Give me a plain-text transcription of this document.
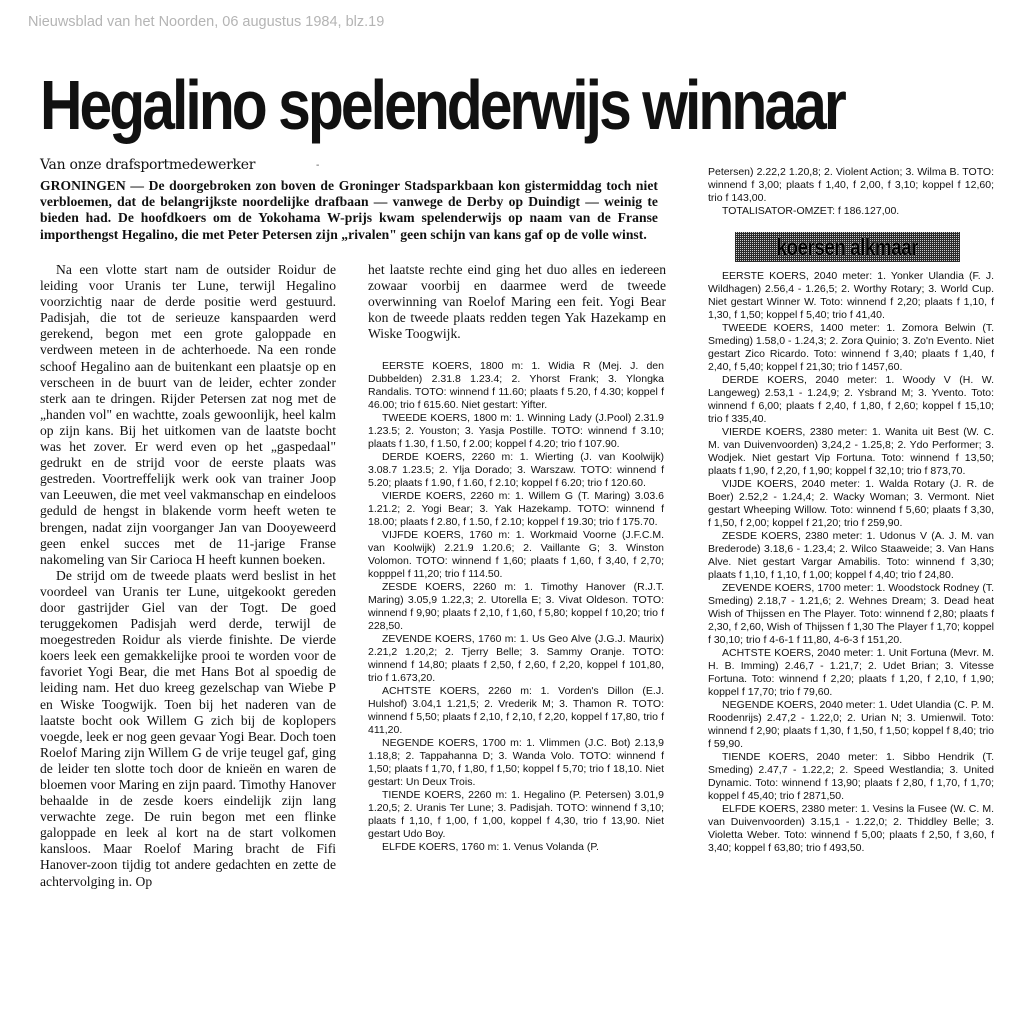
Nieuwsblad van het Noorden, 06 augustus 1984, blz.19
Hegalino spelenderwijs winnaar
Van onze drafsportmedewerker	-

GRONINGEN — De doorgebroken zon boven de Groninger Stadsparkbaan kon gistermiddag toch niet verbloemen, dat de belangrijkste noordelijke drafbaan — vanwege de Derby op Duindigt — weinig te bieden had. De hoofdkoers om de Yokohama W-prijs kwam spelenderwijs op naam van de Franse importhengst Hegalino, die met Peter Petersen zijn „rivalen" geen schijn van kans gaf op de volle winst.

Na een vlotte start nam de outsider Roidur de leiding voor Uranis ter Lune, terwijl Hegalino voorzichtig naar de derde positie werd gestuurd. Padisjah, die tot de serieuze kanspaarden werd gerekend, begon met een grote galoppade en verdween meteen in de achterhoede. Na een ronde schoof Hegalino aan de buitenkant een plaatsje op en verscheen in de buurt van de leider, echter zonder sterk aan te dringen. Rijder Petersen zat nog met de „handen vol" en wachtte, zoals gewoonlijk, heel kalm op zijn kans. Bij het uitkomen van de laatste bocht was het zover. Er werd even op het „gaspedaal" gedrukt en de strijd voor de eerste plaats was gestreden. Voortreffelijk werk ook van trainer Joop van Leeuwen, die met veel vakmanschap en eindeloos geduld de hengst in blakende vorm heeft weten te brengen, nadat zijn voorganger Jan van Dooyeweerd geen enkel succes met de 11-jarige Franse nakomeling van Sir Carioca H heeft kunnen boeken.

De strijd om de tweede plaats werd beslist in het voordeel van Uranis ter Lune, uitgekookt gereden door gastrijder Giel van der Togt. De goed teruggekomen Padisjah werd derde, terwijl de moegestreden Roidur als vierde finishte. De vierde koers leek een gemakkelijke prooi te worden voor de favoriet Yogi Bear, die met Hans Bot al spoedig de leiding nam. Het duo kreeg gezelschap van Wiebe P en Wiske Toogwijk. Toen bij het naderen van de laatste bocht ook Willem G zich bij de koplopers voegde, leek er nog geen gevaar Yogi Bear. Doch toen Roelof Maring zijn Willem G de vrije teugel gaf, ging de leider ten slotte toch door de knieën en waren de bloemen voor Maring en zijn paard. Timothy Hanover behaalde in de zesde koers eindelijk zijn lang verwachte zege. De ruin begon met een flinke galoppade en leek al kort na de start volkomen kansloos. Maar Roelof Maring bracht de Fifi Hanover-zoon tijdig tot andere gedachten en zette de achtervolging in. Op

het laatste rechte eind ging het duo alles en iedereen zowaar voorbij en daarmee werd de tweede overwinning van Roelof Maring een feit. Yogi Bear kon de tweede plaats redden tegen Yak Hazekamp en Wiske Toogwijk.

EERSTE KOERS, 1800 m: 1. Widia R (Mej. J. den Dubbelden) 2.31.8 1.23.4; 2. Yhorst Frank; 3. Ylongka Randalis. TOTO: winnend f 11.60; plaats f 5.20, f 4.30; koppel f 46.00; trio f 615.60. Niet gestart: Yifter.

TWEEDE KOERS, 1800 m: 1. Winning Lady (J.Pool) 2.31.9 1.23.5; 2. Youston; 3. Yasja Postille. TOTO: winnend f 3.10; plaats f 1.30, f 1.50, f 2.00; koppel f 4.20; trio f 107.90.

DERDE KOERS, 2260 m: 1. Wierting (J. van Koolwijk) 3.08.7 1.23.5; 2. Ylja Dorado; 3. Warszaw. TOTO: winnend f 5.20; plaats f 1.90, f 1.60, f 2.10; koppel f 6.20; trio f 120.60.

VIERDE KOERS, 2260 m: 1. Willem G (T. Maring) 3.03.6 1.21.2; 2. Yogi Bear; 3. Yak Hazekamp. TOTO: winnend f 18.00; plaats f 2.80, f 1.50, f 2.10; koppel f 19.30; trio f 175.70.

VIJFDE KOERS, 1760 m: 1. Workmaid Voorne (J.F.C.M. van Koolwijk) 2.21.9 1.20.6; 2. Vaillante G; 3. Winston Volomon. TOTO: winnend f 1,60; plaats f 1,60, f 3,40, f 2,70; kopppel f 11,20; trio f 114.50.

ZESDE KOERS, 2260 m: 1. Timothy Hanover (R.J.T. Maring) 3.05,9 1.22,3; 2. Utorella E; 3. Vivat Oldeson. TOTO: winnend f 9,90; plaats f 2,10, f 1,60, f 5,80; koppel f 10,20; trio f 228,50.

ZEVENDE KOERS, 1760 m: 1. Us Geo Alve (J.G.J. Maurix) 2.21,2 1.20,2; 2. Tjerry Belle; 3. Sammy Oranje. TOTO: winnend f 14,80; plaats f 2,50, f 2,60, f 2,20, koppel f 101,80, trio f 1.673,20.

ACHTSTE KOERS, 2260 m: 1. Vorden's Dillon (E.J. Hulshof) 3.04,1 1.21,5; 2. Vrederik M; 3. Thamon R. TOTO: winnend f 5,50; plaats f 2,10, f 2,10, f 2,20, koppel f 17,80, trio f 411,20.

NEGENDE KOERS, 1700 m: 1. Vlimmen (J.C. Bot) 2.13,9 1.18,8; 2. Tappahanna D; 3. Wanda Volo. TOTO: winnend f 1,50; plaats f 1,70, f 1,80, f 1,50; koppel f 5,70; trio f 18,10. Niet gestart: Un Deux Trois.

TIENDE KOERS, 2260 m: 1. Hegalino (P. Petersen) 3.01,9 1.20,5; 2. Uranis Ter Lune; 3. Padisjah. TOTO: winnend f 3,10; plaats f 1,10, f 1,00, f 1,00, koppel f 4,30, trio f 13,90. Niet gestart Udo Boy.

ELFDE KOERS, 1760 m: 1. Venus Volanda (P.

Petersen) 2.22,2 1.20,8; 2. Violent Action; 3. Wilma B. TOTO: winnend f 3,00; plaats f 1,40, f 2,00, f 3,10; koppel f 12,60; trio f 143,00.

TOTALISATOR-OMZET: f 186.127,00.

koersen alkmaar

EERSTE KOERS, 2040 meter: 1. Yonker Ulandia (F. J. Wildhagen) 2.56,4 - 1.26,5; 2. Worthy Rotary; 3. World Cup. Niet gestart Winner W. Toto: winnend f 2,20; plaats f 1,10, f 1,30, f 1,50; koppel f 5,40; trio f 41,40.

TWEEDE KOERS, 1400 meter: 1. Zomora Belwin (T. Smeding) 1.58,0 - 1.24,3; 2. Zora Quinio; 3. Zo'n Evento. Niet gestart Zico Ricardo. Toto: winnend f 3,40; plaats f 1,40, f 2,40, f 5,40; koppel f 21,30; trio f 1457,60.

DERDE KOERS, 2040 meter: 1. Woody V (H. W. Langeweg) 2.53,1 - 1.24,9; 2. Ysbrand M; 3. Yvento. Toto: winnend f 6,00; plaats f 2,40, f 1,80, f 2,60; koppel f 15,10; trio f 335,40.

VIERDE KOERS, 2380 meter: 1. Wanita uit Best (W. C. M. van Duivenvoorden) 3,24,2 - 1.25,8; 2. Ydo Performer; 3. Wodjek. Niet gestart Vip Fortuna. Toto: winnend f 13,50; plaats f 1,90, f 2,20, f 1,90; koppel f 32,10; trio f 873,70.

VIJDE KOERS, 2040 meter: 1. Walda Rotary (J. R. de Boer) 2.52,2 - 1.24,4; 2. Wacky Woman; 3. Vermont. Niet gestart Wheeping Willow. Toto: winnend f 5,60; plaats f 3,30, f 1,50, f 2,00; koppel f 21,20; trio f 259,90.

ZESDE KOERS, 2380 meter: 1. Udonus V (A. J. M. van Brederode) 3.18,6 - 1.23,4; 2. Wilco Staaweide; 3. Van Hans Alve. Niet gestart Vargar Amabilis. Toto: winnend f 3,30; plaats f 1,10, f 1,10, f 1,00; koppel f 4,40; trio f 24,80.

ZEVENDE KOERS, 1700 meter: 1. Woodstock Rodney (T. Smeding) 2.18,7 - 1.21,6; 2. Wehnes Dream; 3. Dead heat Wish of Thijssen en The Player. Toto: winnend f 2,80; plaats f 2,30, f 2,60, Wish of Thijssen f 1,30 The Player f 1,70; koppel f 30,10; trio f 4-6-1 f 11,80, 4-6-3 f 151,20.

ACHTSTE KOERS, 2040 meter: 1. Unit Fortuna (Mevr. M. H. B. Imming) 2.46,7 - 1.21,7; 2. Udet Brian; 3. Vitesse Fortuna. Toto: winnend f 2,20; plaats f 1,20, f 2,10, f 1,90; koppel f 17,70; trio f 79,60.

NEGENDE KOERS, 2040 meter: 1. Udet Ulandia (C. P. M. Roodenrijs) 2.47,2 - 1.22,0; 2. Urian N; 3. Umienwil. Toto: winnend f 2,90; plaats f 1,30, f 1,50, f 1,50; koppel f 8,40; trio f 59,90.

TIENDE KOERS, 2040 meter: 1. Sibbo Hendrik (T. Smeding) 2.47,7 - 1.22,2; 2. Speed Westlandia; 3. United Dynamic. Toto: winnend f 13,90; plaats f 2,80, f 1,70, f 1,70; koppel f 45,40; trio f 2871,50.

ELFDE KOERS, 2380 meter: 1. Vesins la Fusee (W. C. M. van Duivenvoorden) 3.15,1 - 1.22,0; 2. Thiddley Belle; 3. Violetta Weber. Toto: winnend f 5,00; plaats f 2,50, f 3,60, f 3,40; koppel f 63,80; trio f 493,50.
